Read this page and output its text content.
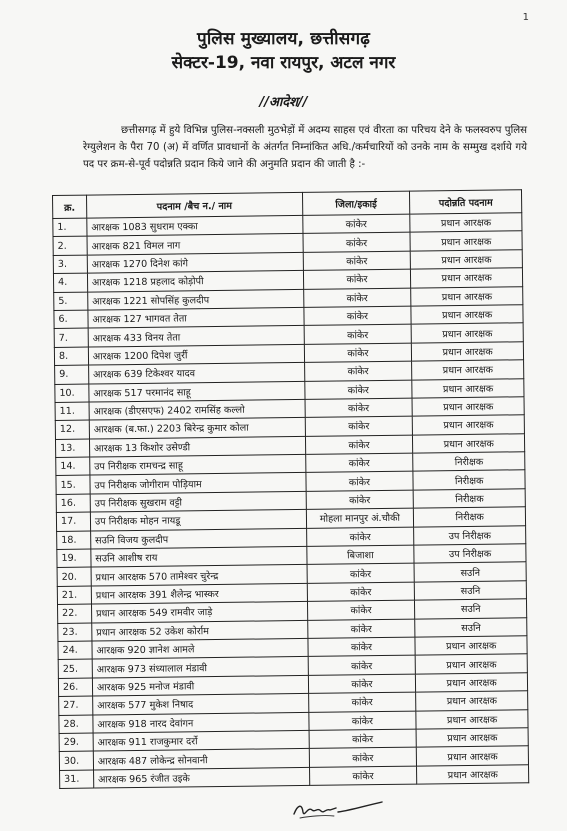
1
पुलिस मुख्यालय, छत्तीसगढ़
सेक्टर-19, नवा रायपुर, अटल नगर
//आदेश//

छत्तीसगढ़ में हुये विभिन्न पुलिस-नक्सली मुठभेड़ों में अदम्य साहस एवं वीरता का परिचय देने के फलस्वरुप पुलिस रेग्युलेशन के पैरा 70 (अ) में वर्णित प्रावधानों के अंतर्गत निम्नांकित अधि./कर्मचारियों को उनके नाम के सम्मुख दर्शाये गये पद पर क्रम-से-पूर्व पदोन्नति प्रदान किये जाने की अनुमति प्रदान की जाती है :-

क्र.	पदनाम /बैच न./ नाम	जिला/इकाई	पदोन्नति पदनाम
1.	आरक्षक 1083 सुधराम एक्का	कांकेर	प्रधान आरक्षक
2.	आरक्षक 821 विमल नाग	कांकेर	प्रधान आरक्षक
3.	आरक्षक 1270 दिनेश कांगे	कांकेर	प्रधान आरक्षक
4.	आरक्षक 1218 प्रहलाद कोड़ोपी	कांकेर	प्रधान आरक्षक
5.	आरक्षक 1221 सोपसिंह कुलदीप	कांकेर	प्रधान आरक्षक
6.	आरक्षक 127 भागवत तेता	कांकेर	प्रधान आरक्षक
7.	आरक्षक 433 विनय तेता	कांकेर	प्रधान आरक्षक
8.	आरक्षक 1200 दिपेश जुर्री	कांकेर	प्रधान आरक्षक
9.	आरक्षक 639 टिकेश्वर यादव	कांकेर	प्रधान आरक्षक
10.	आरक्षक 517 परमानंद साहू	कांकेर	प्रधान आरक्षक
11.	आरक्षक (डीएसएफ) 2402 रामसिंह कल्लो	कांकेर	प्रधान आरक्षक
12.	आरक्षक (ब.फा.) 2203 बिरेन्द्र कुमार कोला	कांकेर	प्रधान आरक्षक
13.	आरक्षक 13 किशोर उसेण्डी	कांकेर	प्रधान आरक्षक
14.	उप निरीक्षक रामचन्द्र साहू	कांकेर	निरीक्षक
15.	उप निरीक्षक जोगीराम पोड़ियाम	कांकेर	निरीक्षक
16.	उप निरीक्षक सुखराम वट्टी	कांकेर	निरीक्षक
17.	उप निरीक्षक मोहन नायडू	मोहला मानपुर अं.चौकी	निरीक्षक
18.	सउनि विजय कुलदीप	कांकेर	उप निरीक्षक
19.	सउनि आशीष राय	बिजाशा	उप निरीक्षक
20.	प्रधान आरक्षक 570 तामेश्वर चुरेन्द्र	कांकेर	सउनि
21.	प्रधान आरक्षक 391 शैलेन्द्र भास्कर	कांकेर	सउनि
22.	प्रधान आरक्षक 549 रामवीर जाड़े	कांकेर	सउनि
23.	प्रधान आरक्षक 52 उकेश कोर्राम	कांकेर	सउनि
24.	आरक्षक 920 ज्ञानेश आमले	कांकेर	प्रधान आरक्षक
25.	आरक्षक 973 संध्यालाल मंडावी	कांकेर	प्रधान आरक्षक
26.	आरक्षक 925 मनोज मंडावी	कांकेर	प्रधान आरक्षक
27.	आरक्षक 577 मुकेश निषाद	कांकेर	प्रधान आरक्षक
28.	आरक्षक 918 नारद देवांगन	कांकेर	प्रधान आरक्षक
29.	आरक्षक 911 राजकुमार दर्रो	कांकेर	प्रधान आरक्षक
30.	आरक्षक 487 लोकेन्द्र सोनवानी	कांकेर	प्रधान आरक्षक
31.	आरक्षक 965 रंजीत उइके	कांकेर	प्रधान आरक्षक
